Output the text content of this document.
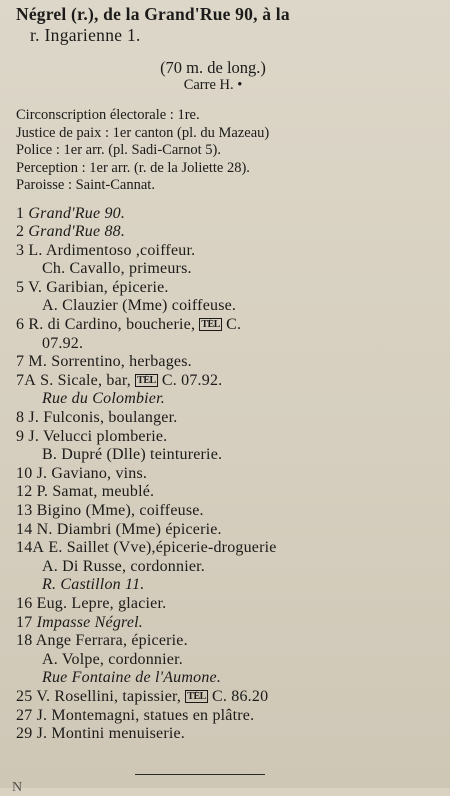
Négrel (r.), de la Grand'Rue 90, à la
r. Ingarienne 1.
(70 m. de long.)
Carre H. •
Circonscription électorale : 1re.
Justice de paix : 1er canton (pl. du Mazeau)
Police : 1er arr. (pl. Sadi-Carnot 5).
Perception : 1er arr. (r. de la Joliette 28).
Paroisse : Saint-Cannat.
1 Grand'Rue 90.
2 Grand'Rue 88.
3 L. Ardimentoso ,coiffeur.
Ch. Cavallo, primeurs.
5 V. Garibian, épicerie.
A. Clauzier (Mme) coiffeuse.
6 R. di Cardino, boucherie, TÉL C.
07.92.
7 M. Sorrentino, herbages.
7A S. Sicale, bar, TÉL C. 07.92.
Rue du Colombier.
8 J. Fulconis, boulanger.
9 J. Velucci plomberie.
B. Dupré (Dlle) teinturerie.
10 J. Gaviano, vins.
12 P. Samat, meublé.
13 Bigino (Mme), coiffeuse.
14 N. Diambri (Mme) épicerie.
14A E. Saillet (Vve),épicerie-droguerie
A. Di Russe, cordonnier.
R. Castillon 11.
16 Eug. Lepre, glacier.
17 Impasse Négrel.
18 Ange Ferrara, épicerie.
A. Volpe, cordonnier.
Rue Fontaine de l'Aumone.
25 V. Rosellini, tapissier, TÉL C. 86.20
27 J. Montemagni, statues en plâtre.
29 J. Montini menuiserie.
N
